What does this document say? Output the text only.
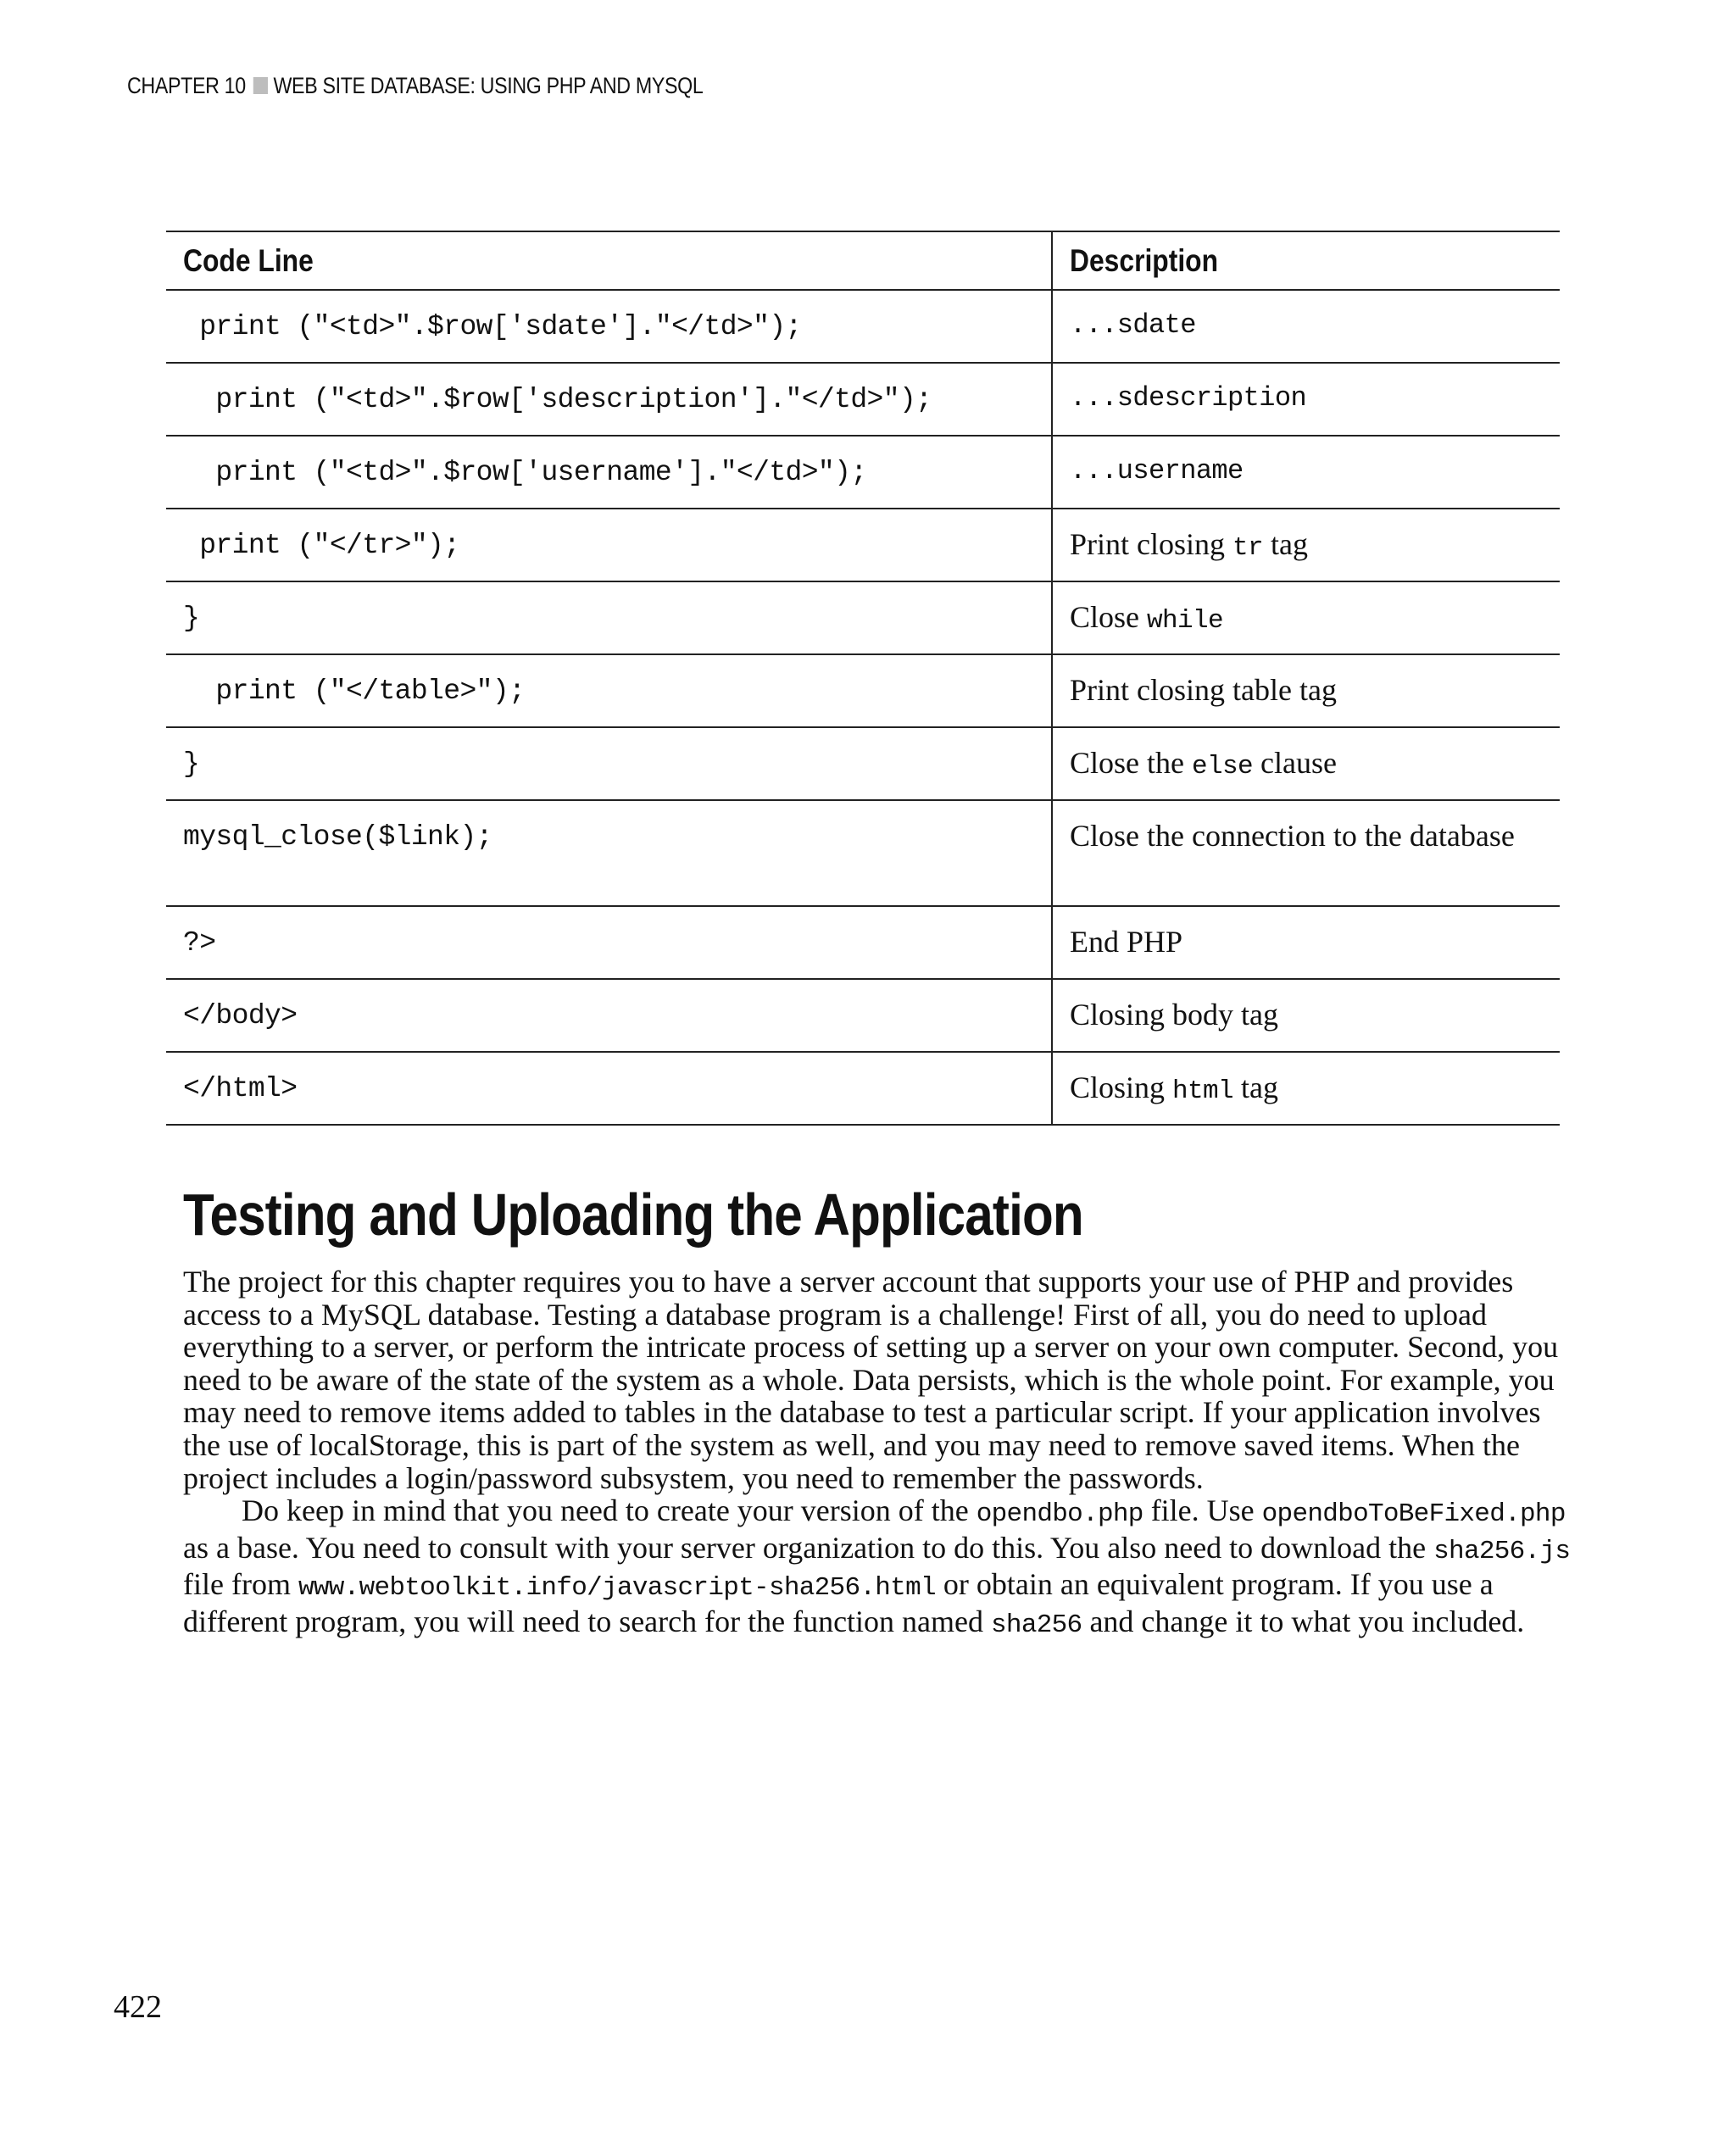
CHAPTER 10 WEB SITE DATABASE: USING PHP AND MYSQL
Code Line	Description
print ("<td>".$row['sdate']."</td>");	...sdate
print ("<td>".$row['sdescription']."</td>");	...sdescription
print ("<td>".$row['username']."</td>");	...username
print ("</tr>");	Print closing tr tag
}	Close while
print ("</table>");	Print closing table tag
}	Close the else clause
mysql_close($link);	Close the connection to the database
?>	End PHP
</body>	Closing body tag
</html>	Closing html tag
Testing and Uploading the Application

The project for this chapter requires you to have a server account that supports your use of PHP and provides access to a MySQL database. Testing a database program is a challenge! First of all, you do need to upload everything to a server, or perform the intricate process of setting up a server on your own computer. Second, you need to be aware of the state of the system as a whole. Data persists, which is the whole point. For example, you may need to remove items added to tables in the database to test a particular script. If your application involves the use of localStorage, this is part of the system as well, and you may need to remove saved items. When the project includes a login/password subsystem, you need to remember the passwords.

Do keep in mind that you need to create your version of the opendbo.php file. Use opendboToBeFixed.php as a base. You need to consult with your server organization to do this. You also need to download the sha256.js file from www.webtoolkit.info/javascript-sha256.html or obtain an equivalent program. If you use a different program, you will need to search for the function named sha256 and change it to what you included.

422
